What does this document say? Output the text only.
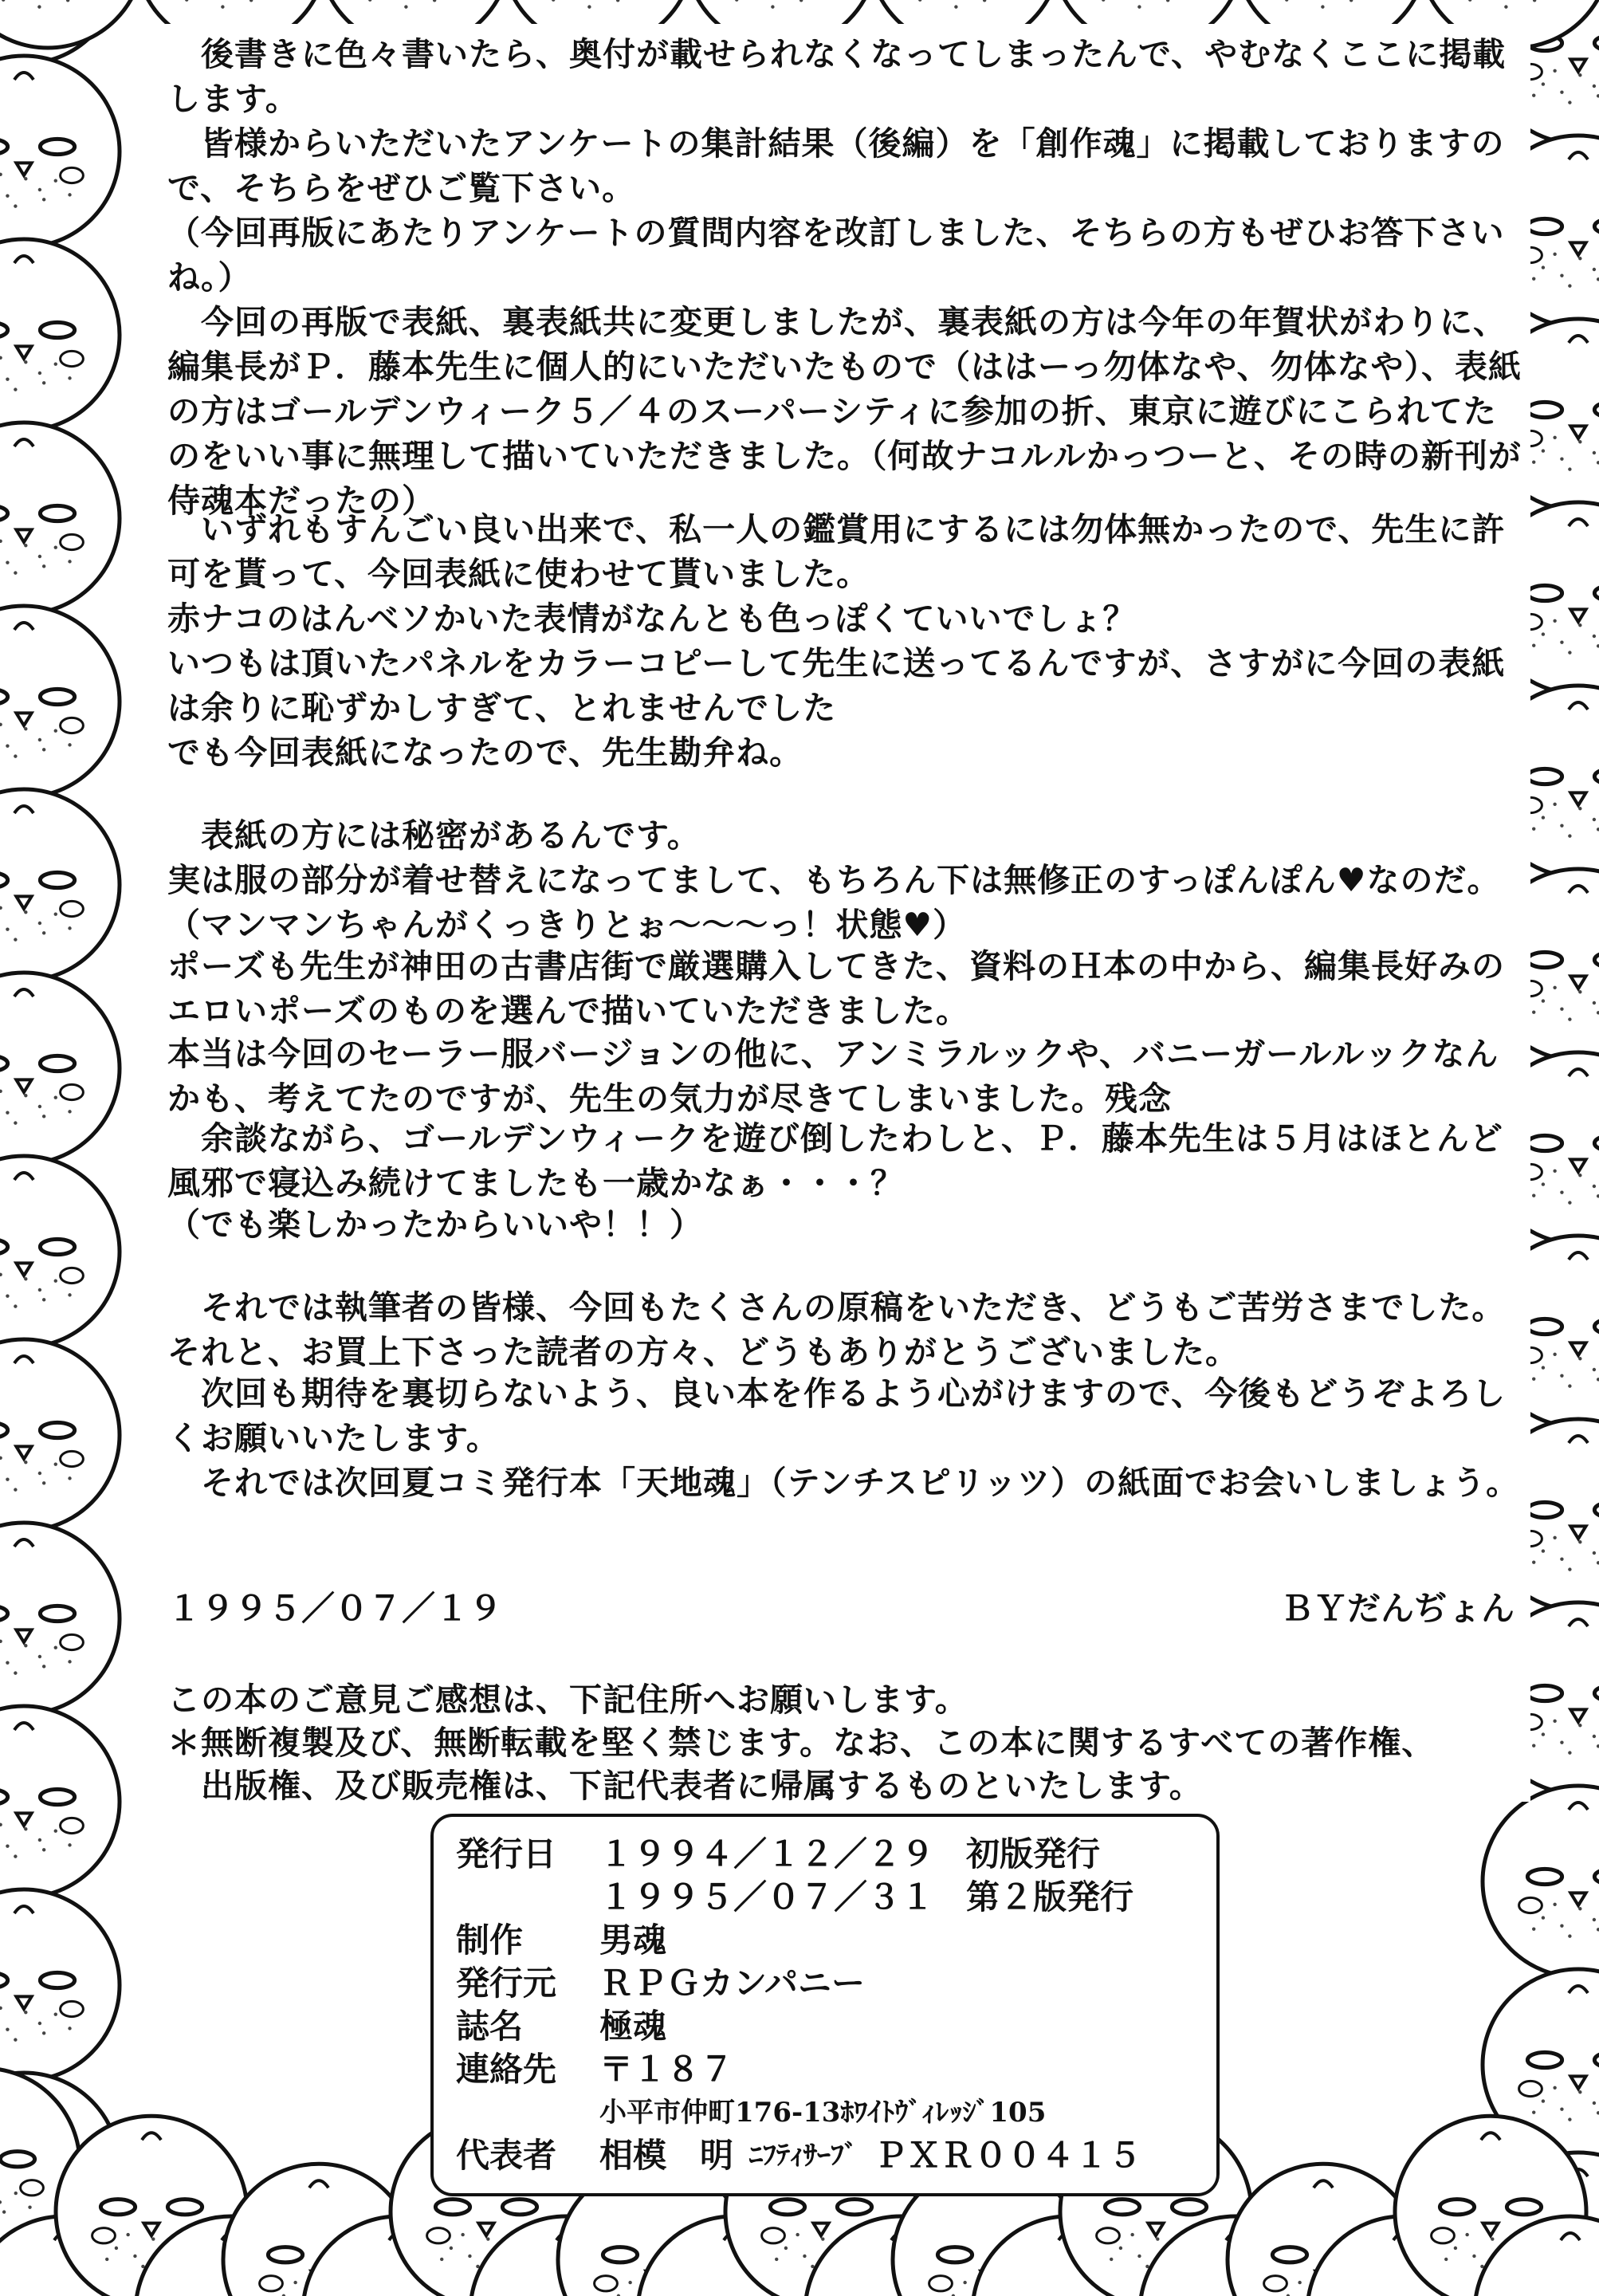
　後書きに色々書いたら、奥付が載せられなくなってしまったんで、やむなくここに掲載します。

　皆様からいただいたアンケートの集計結果（後編）を「創作魂」に掲載しておりますので、そちらをぜひご覧下さい。

（今回再版にあたりアンケートの質問内容を改訂しました、そちらの方もぜひお答下さいね。）

　今回の再版で表紙、裏表紙共に変更しましたが、裏表紙の方は今年の年賀状がわりに、編集長がＰ．藤本先生に個人的にいただいたもので（ははーっ勿体なや、勿体なや）、表紙の方はゴールデンウィーク５／４のスーパーシティに参加の折、東京に遊びにこられてたのをいい事に無理して描いていただきました。（何故ナコルルかっつーと、その時の新刊が侍魂本だったの）

　いずれもすんごい良い出来で、私一人の鑑賞用にするには勿体無かったので、先生に許可を貰って、今回表紙に使わせて貰いました。

赤ナコのはんベソかいた表情がなんとも色っぽくていいでしょ？

いつもは頂いたパネルをカラーコピーして先生に送ってるんですが、さすがに今回の表紙は余りに恥ずかしすぎて、とれませんでした

でも今回表紙になったので、先生勘弁ね。

　表紙の方には秘密があるんです。

実は服の部分が着せ替えになってまして、もちろん下は無修正のすっぽんぽん♥なのだ。

（マンマンちゃんがくっきりとぉ～～～っ！状態♥）

ポーズも先生が神田の古書店街で厳選購入してきた、資料のＨ本の中から、編集長好みのエロいポーズのものを選んで描いていただきました。

本当は今回のセーラー服バージョンの他に、アンミラルックや、バニーガールルックなんかも、考えてたのですが、先生の気力が尽きてしまいました。残念

　余談ながら、ゴールデンウィークを遊び倒したわしと、Ｐ．藤本先生は５月はほとんど風邪で寝込み続けてましたも一歳かなぁ・・・？

（でも楽しかったからいいや！！）

　それでは執筆者の皆様、今回もたくさんの原稿をいただき、どうもご苦労さまでした。それと、お買上下さった読者の方々、どうもありがとうございました。

　次回も期待を裏切らないよう、良い本を作るよう心がけますので、今後もどうぞよろしくお願いいたします。

　それでは次回夏コミ発行本「天地魂」（テンチスピリッツ）の紙面でお会いしましょう。

１９９５／０７／１９	ＢＹだんぢょん

この本のご意見ご感想は、下記住所へお願いします。

＊無断複製及び、無断転載を堅く禁じます。なお、この本に関するすべての著作権、

　出版権、及び販売権は、下記代表者に帰属するものといたします。

発行日	１９９４／１２／２９ 初版発行
１９９５／０７／３１ 第２版発行
制作	男魂
発行元	ＲＰＧカンパニー
誌名	極魂
連絡先	〒１８７
小平市仲町176-13ﾎﾜｲﾄｳﾞｨﾚｯｼﾞ105
代表者	相模　明 ﾆﾌﾃｨｻｰﾌﾞ ＰＸＲ００４１５
